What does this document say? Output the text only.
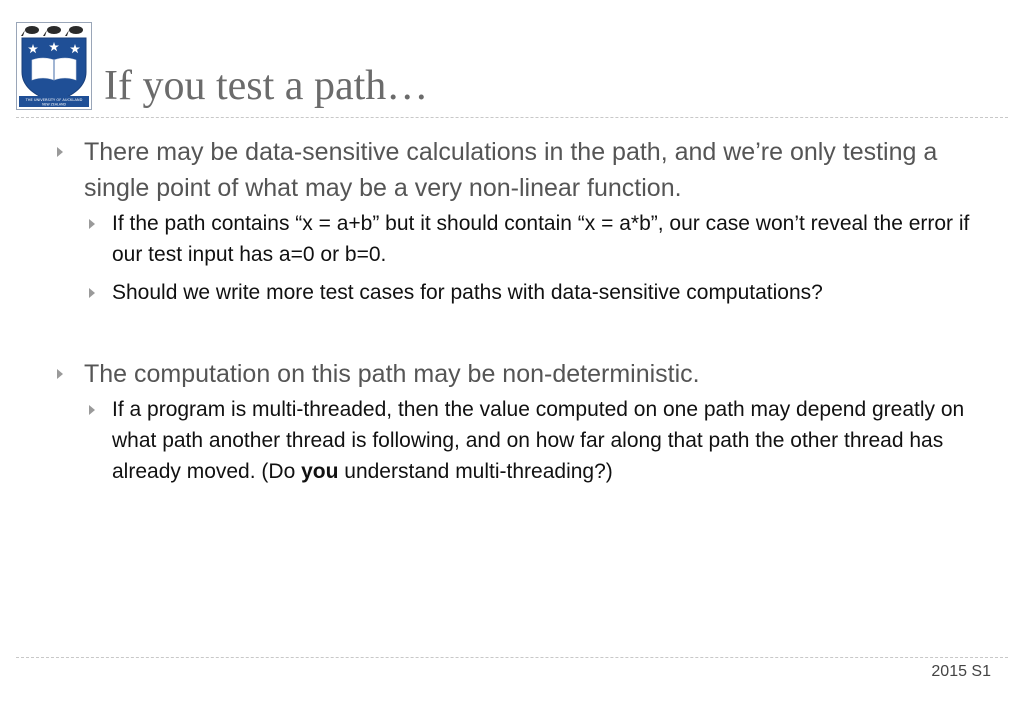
THE UNIVERSITY OF AUCKLAND
NEW ZEALAND If you test a path…
There may be data-sensitive calculations in the path, and we’re only testing a single point of what may be a very non-linear function.
If the path contains “x = a+b” but it should contain “x = a*b”, our case won’t reveal the error if our test input has a=0 or b=0.
Should we write more test cases for paths with data-sensitive computations?
The computation on this path may be non-deterministic.
If a program is multi-threaded, then the value computed on one path may depend greatly on what path another thread is following, and on how far along that path the other thread has already moved. (Do you understand multi-threading?)
2015 S1
